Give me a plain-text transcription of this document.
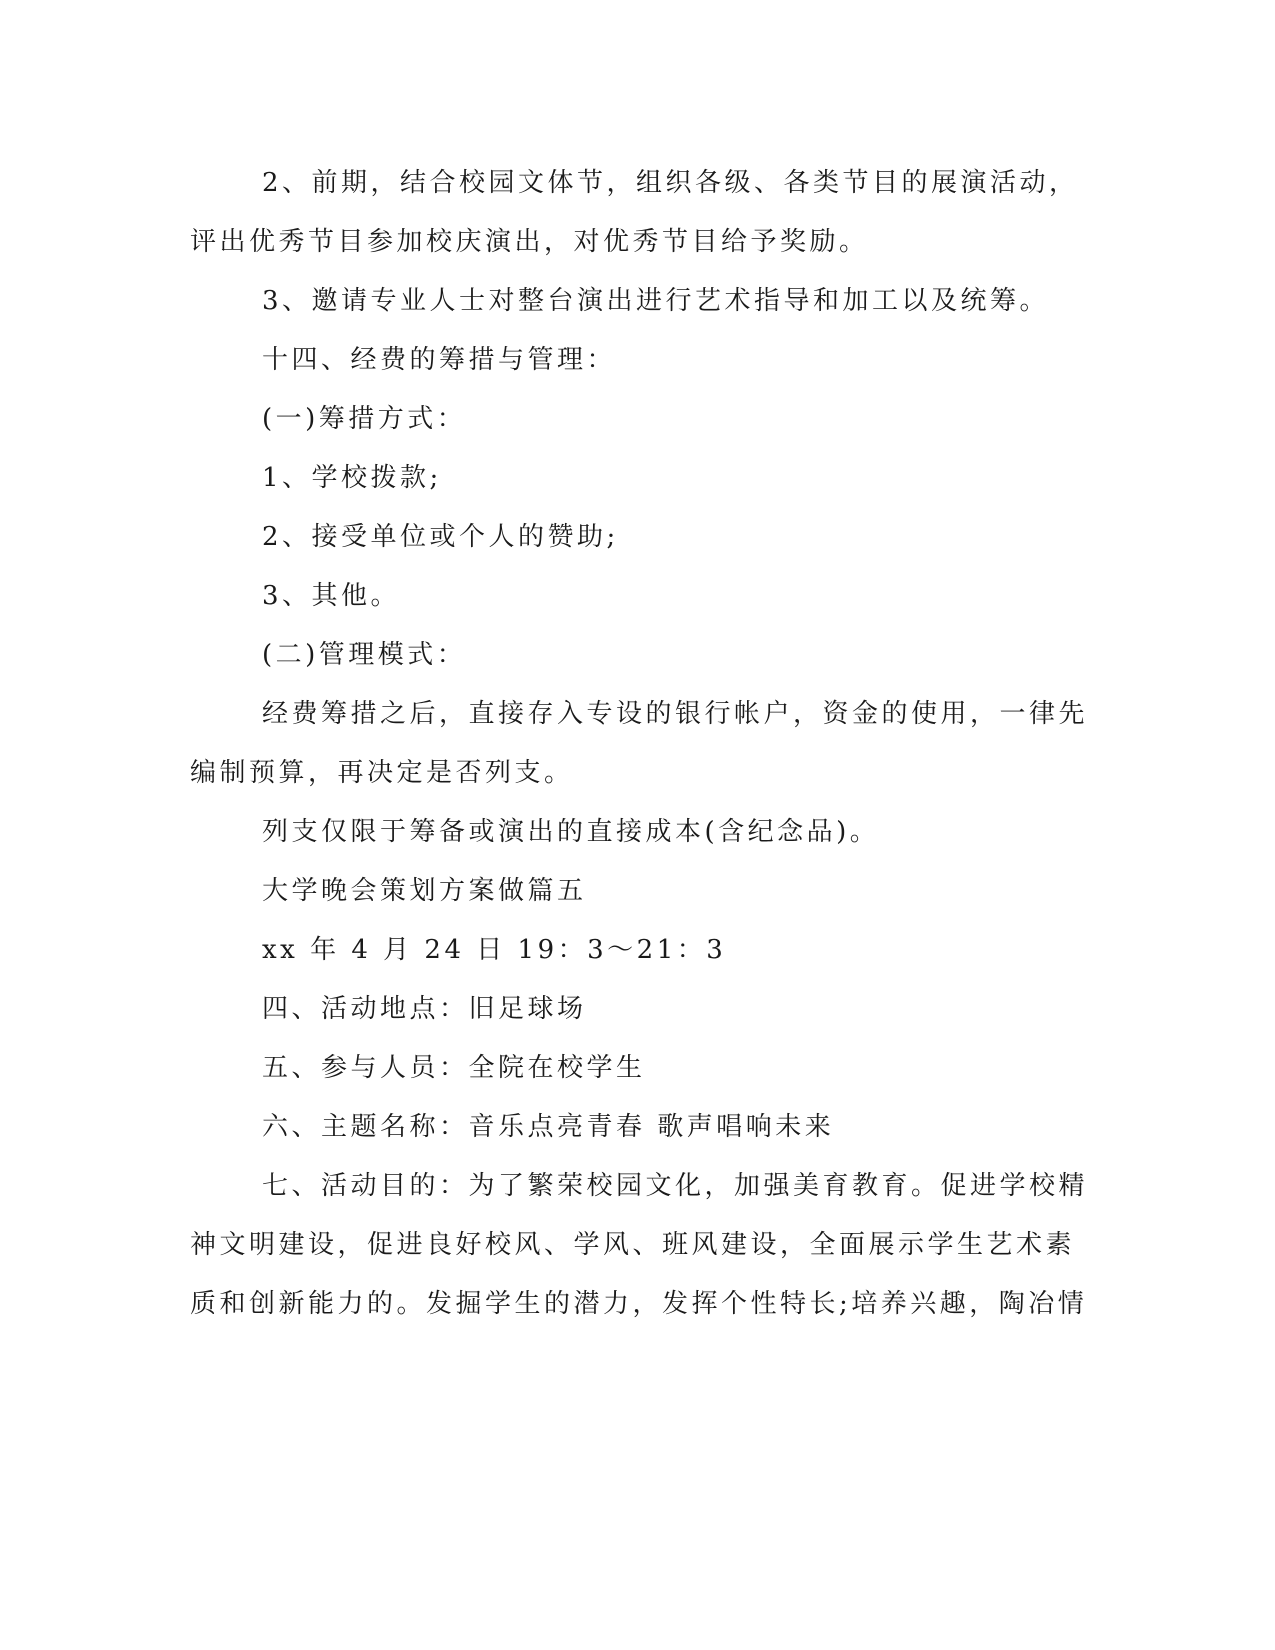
2、前期，结合校园文体节，组织各级、各类节目的展演活动，
评出优秀节目参加校庆演出，对优秀节目给予奖励。
3、邀请专业人士对整台演出进行艺术指导和加工以及统筹。
十四、经费的筹措与管理：
(一)筹措方式：
1、学校拨款;
2、接受单位或个人的赞助;
3、其他。
(二)管理模式：
经费筹措之后，直接存入专设的银行帐户，资金的使用，一律先
编制预算，再决定是否列支。
列支仅限于筹备或演出的直接成本(含纪念品)。
大学晚会策划方案做篇五
xx 年 4 月 24 日 19：3～21：3
四、活动地点：旧足球场
五、参与人员：全院在校学生
六、主题名称：音乐点亮青春 歌声唱响未来
七、活动目的：为了繁荣校园文化，加强美育教育。促进学校精
神文明建设，促进良好校风、学风、班风建设，全面展示学生艺术素
质和创新能力的。发掘学生的潜力，发挥个性特长;培养兴趣，陶冶情
